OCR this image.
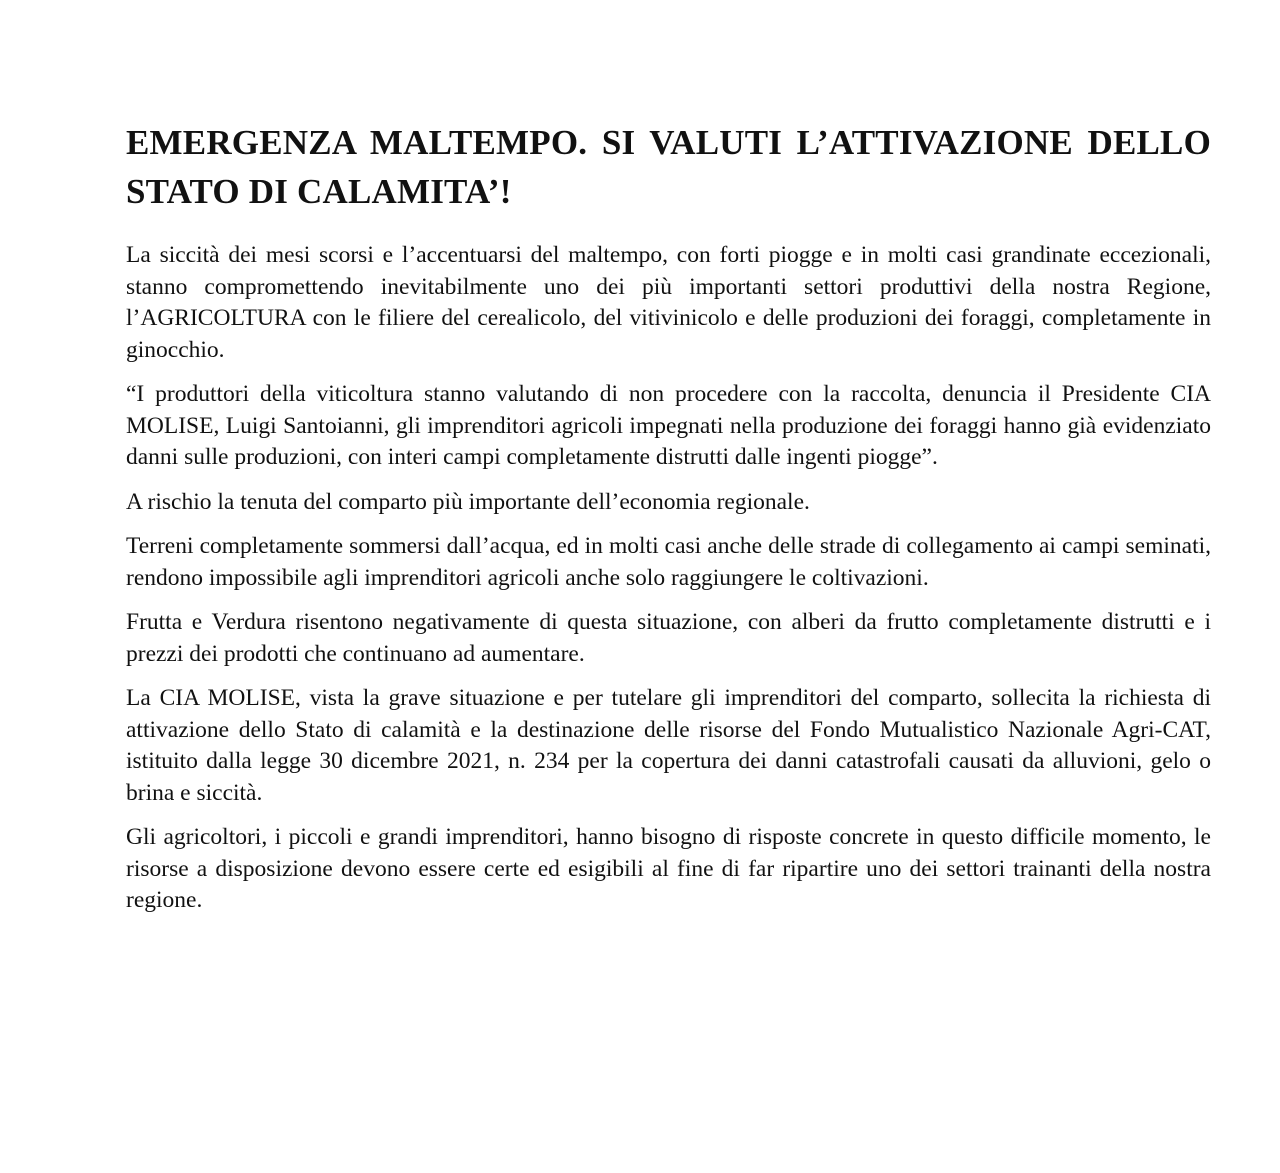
EMERGENZA MALTEMPO. SI VALUTI L’ATTIVAZIONE DELLO STATO DI CALAMITA’!

La siccità dei mesi scorsi e l’accentuarsi del maltempo, con forti piogge e in molti casi grandinate eccezionali, stanno compromettendo inevitabilmente uno dei più importanti settori produttivi della nostra Regione, l’AGRICOLTURA con le filiere del cerealicolo, del vitivinicolo e delle produzioni dei foraggi, completamente in ginocchio.

“I produttori della viticoltura stanno valutando di non procedere con la raccolta, denuncia il Presidente CIA MOLISE, Luigi Santoianni, gli imprenditori agricoli impegnati nella produzione dei foraggi hanno già evidenziato danni sulle produzioni, con interi campi completamente distrutti dalle ingenti piogge”.

A rischio la tenuta del comparto più importante dell’economia regionale.

Terreni completamente sommersi dall’acqua, ed in molti casi anche delle strade di collegamento ai campi seminati, rendono impossibile agli imprenditori agricoli anche solo raggiungere le coltivazioni.

Frutta e Verdura risentono negativamente di questa situazione, con alberi da frutto completamente distrutti e i prezzi dei prodotti che continuano ad aumentare.

La CIA MOLISE, vista la grave situazione e per tutelare gli imprenditori del comparto, sollecita la richiesta di attivazione dello Stato di calamità e la destinazione delle risorse del Fondo Mutualistico Nazionale Agri-CAT, istituito dalla legge 30 dicembre 2021, n. 234 per la copertura dei danni catastrofali causati da alluvioni, gelo o brina e siccità.

Gli agricoltori, i piccoli e grandi imprenditori, hanno bisogno di risposte concrete in questo difficile momento, le risorse a disposizione devono essere certe ed esigibili al fine di far ripartire uno dei settori trainanti della nostra regione.
